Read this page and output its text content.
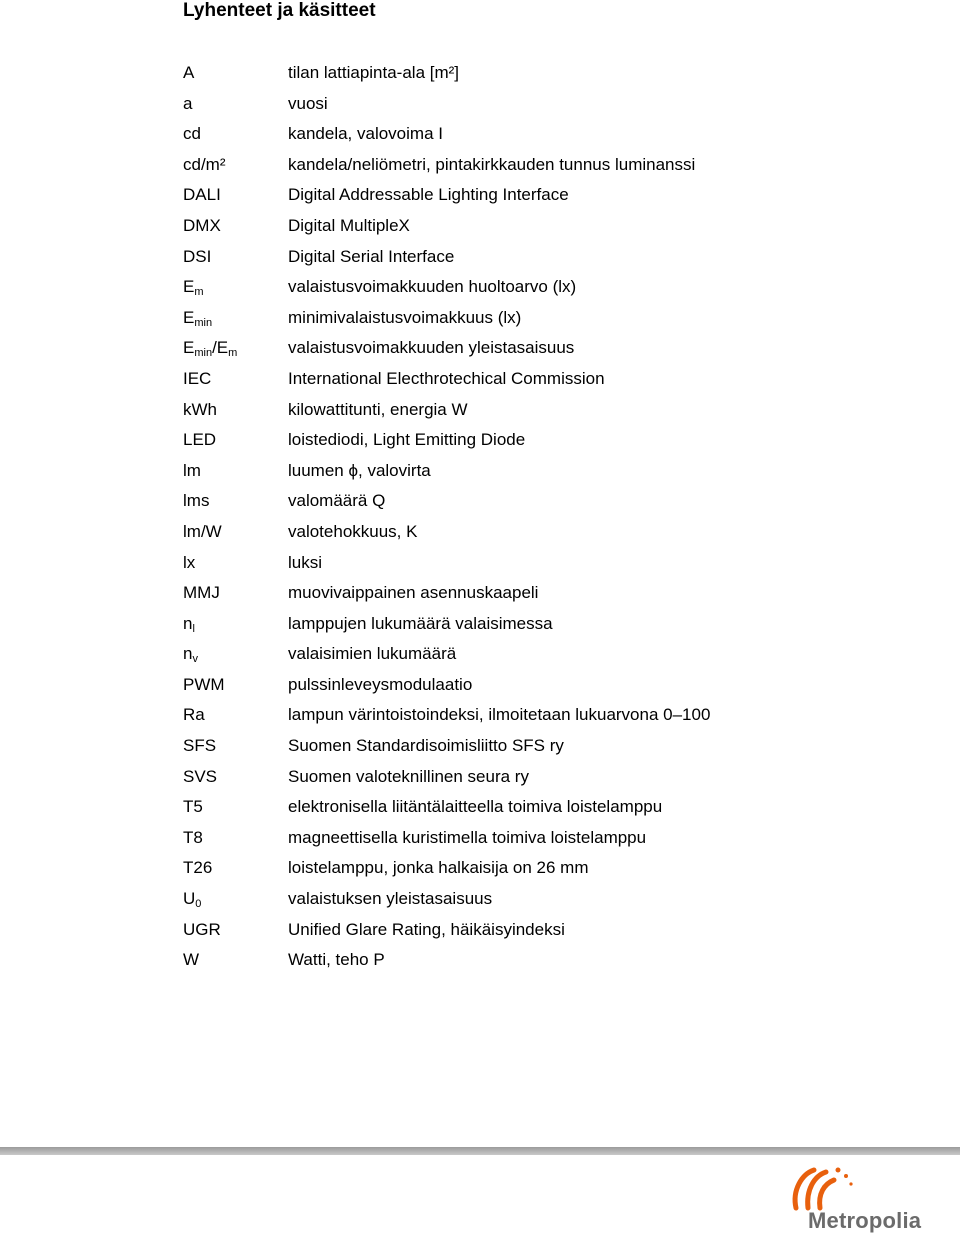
Lyhenteet ja käsitteet
A	tilan lattiapinta-ala [m²]
a	vuosi
cd	kandela, valovoima I
cd/m²	kandela/neliömetri, pintakirkkauden tunnus luminanssi
DALI	Digital Addressable Lighting Interface
DMX	Digital MultipleX
DSI	Digital Serial Interface
$E_m$	valaistusvoimakkuuden huoltoarvo (lx)
$E_{min}$	minimivalaistusvoimakkuus (lx)
$E_{min}/E_m$	valaistusvoimakkuuden yleistasaisuus
IEC	International Electhrotechical Commission
kWh	kilowattitunti, energia W
LED	loistediodi, Light Emitting Diode
lm	luumen ϕ, valovirta
lms	valomäärä Q
lm/W	valotehokkuus, K
lx	luksi
MMJ	muovivaippainen asennuskaapeli
$n_l$	lamppujen lukumäärä valaisimessa
$n_v$	valaisimien lukumäärä
PWM	pulssinleveysmodulaatio
Ra	lampun värintoistoindeksi, ilmoitetaan lukuarvona 0–100
SFS	Suomen Standardisoimisliitto SFS ry
SVS	Suomen valoteknillinen seura ry
T5	elektronisella liitäntälaitteella toimiva loistelamppu
T8	magneettisella kuristimella toimiva loistelamppu
T26	loistelamppu, jonka halkaisija on 26 mm
$U_0$	valaistuksen yleistasaisuus
UGR	Unified Glare Rating, häikäisyindeksi
W	Watti, teho P
Metropolia
